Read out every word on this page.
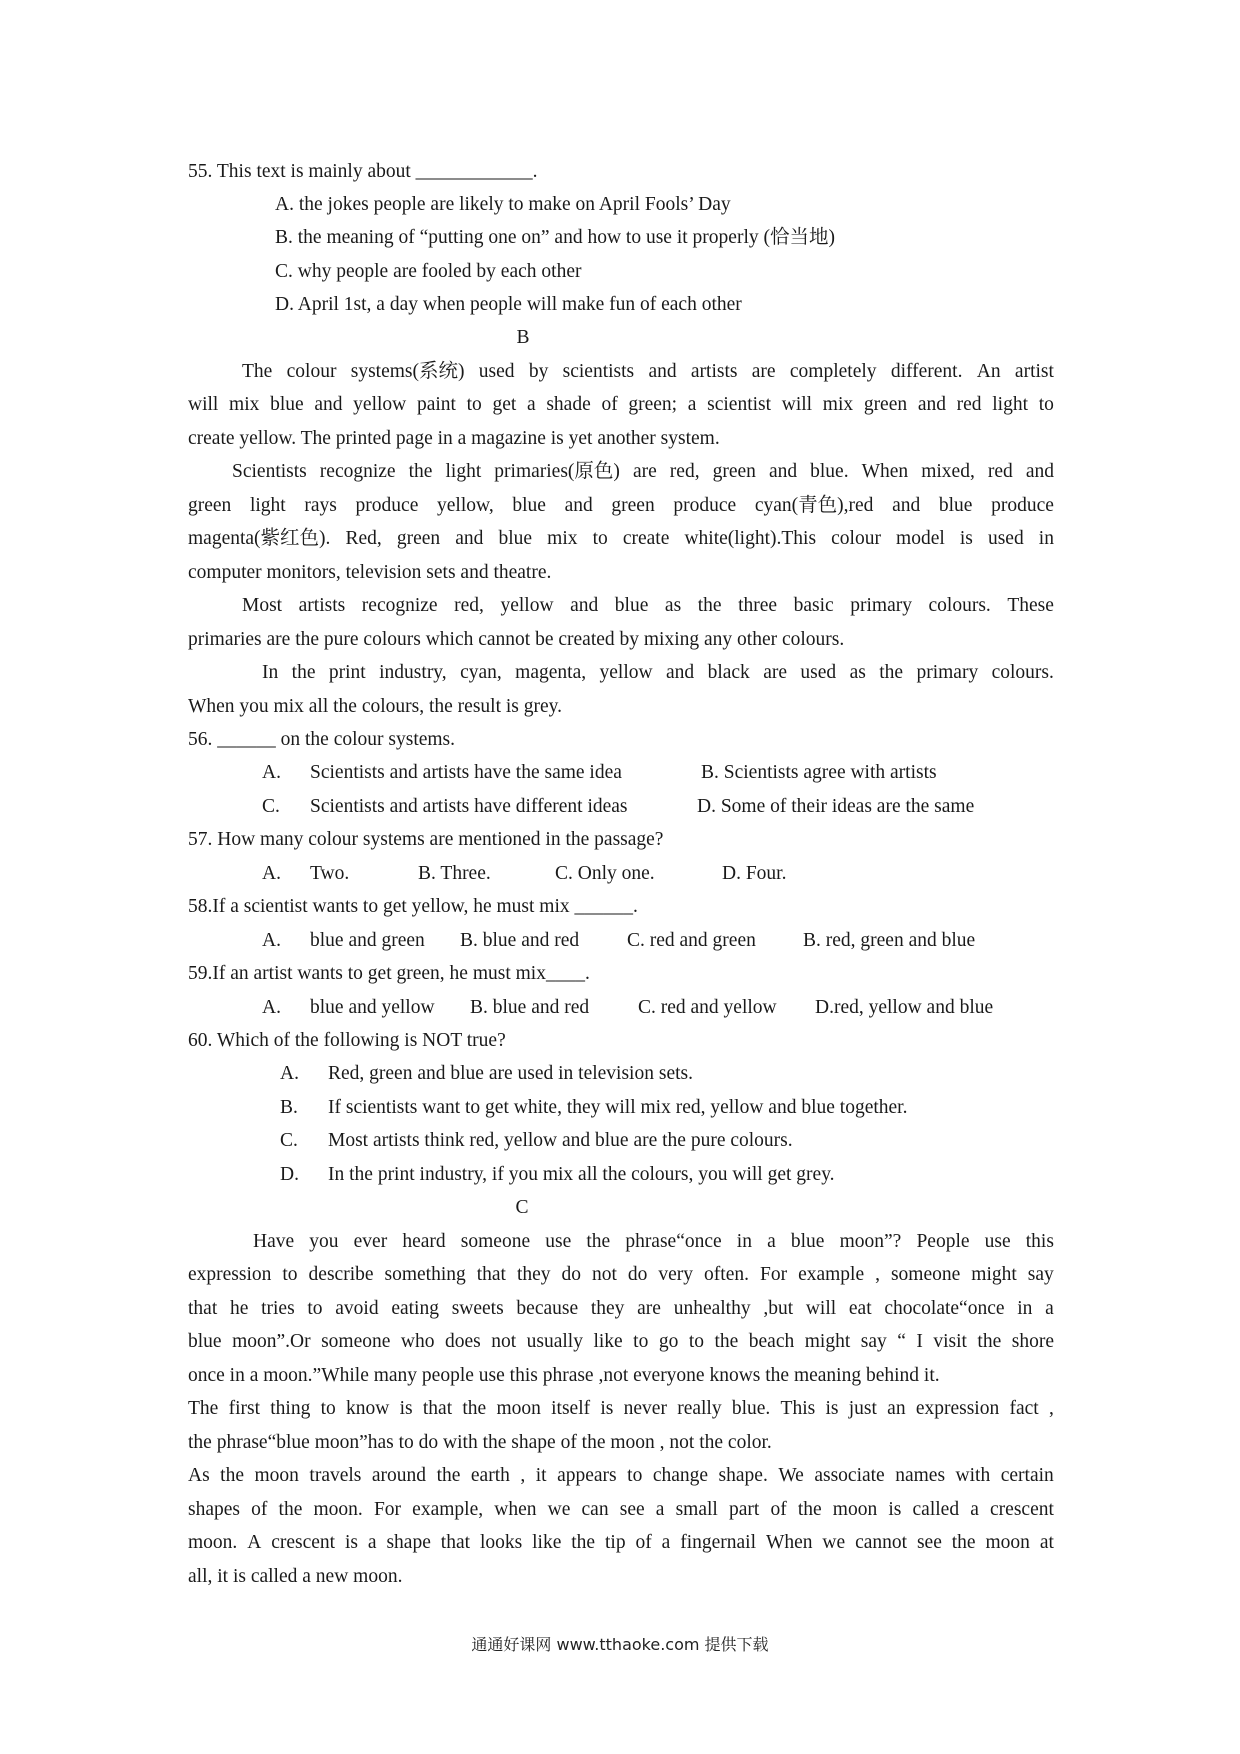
55. This text is mainly about ____________.
A. the jokes people are likely to make on April Fools’ Day
B. the meaning of “putting one on” and how to use it properly (恰当地)
C. why people are fooled by each other
D. April 1st, a day when people will make fun of each other
B
The colour systems(系统) used by scientists and artists are completely different. An artist
will mix blue and yellow paint to get a shade of green; a scientist will mix green and red light to
create yellow. The printed page in a magazine is yet another system.
Scientists recognize the light primaries(原色) are red, green and blue. When mixed, red and
green light rays produce yellow, blue and green produce cyan(青色),red and blue produce
magenta(紫红色). Red, green and blue mix to create white(light).This colour model is used in
computer monitors, television sets and theatre.
Most artists recognize red, yellow and blue as the three basic primary colours. These
primaries are the pure colours which cannot be created by mixing any other colours.
In the print industry, cyan, magenta, yellow and black are used as the primary colours.
When you mix all the colours, the result is grey.
56. ______ on the colour systems.
A. Scientists and artists have the same idea	B. Scientists agree with artists
C. Scientists and artists have different ideas	D. Some of their ideas are the same
57. How many colour systems are mentioned in the passage?
A. Two.	B. Three.	C. Only one.	D. Four.
58.If a scientist wants to get yellow, he must mix ______.
A. blue and green B. blue and red C. red and green B. red, green and blue
59.If an artist wants to get green, he must mix____.
A. blue and yellow B. blue and red	C. red and yellow D.red, yellow and blue
60. Which of the following is NOT true?
A. Red, green and blue are used in television sets.
B. If scientists want to get white, they will mix red, yellow and blue together.
C. Most artists think red, yellow and blue are the pure colours.
D. In the print industry, if you mix all the colours, you will get grey.
C
Have you ever heard someone use the phrase“once in a blue moon”? People use this
expression to describe something that they do not do very often. For example , someone might say
that he tries to avoid eating sweets because they are unhealthy ,but will eat chocolate“once in a
blue moon”.Or someone who does not usually like to go to the beach might say “ I visit the shore
once in a moon.”While many people use this phrase ,not everyone knows the meaning behind it.
The first thing to know is that the moon itself is never really blue. This is just an expression fact ,
the phrase“blue moon”has to do with the shape of the moon , not the color.
As the moon travels around the earth , it appears to change shape. We associate names with certain
shapes of the moon. For example, when we can see a small part of the moon is called a crescent
moon. A crescent is a shape that looks like the tip of a fingernail When we cannot see the moon at
all, it is called a new moon.
通通好课网 www.tthaoke.com 提供下载
